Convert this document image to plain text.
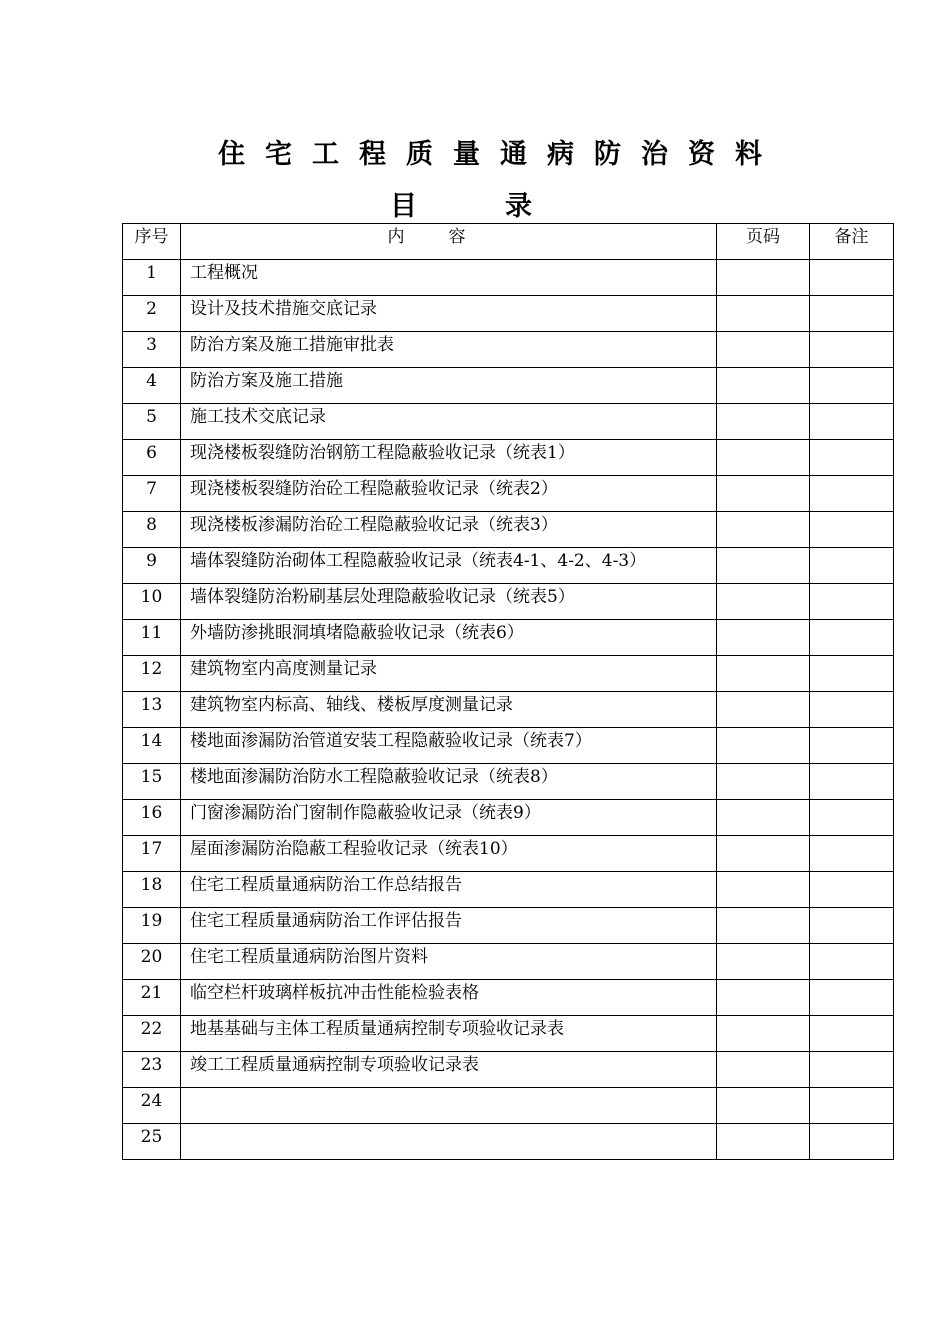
住宅工程质量通病防治资料
目录
序号	内容	页码	备注
1	工程概况		
2	设计及技术措施交底记录		
3	防治方案及施工措施审批表		
4	防治方案及施工措施		
5	施工技术交底记录		
6	现浇楼板裂缝防治钢筋工程隐蔽验收记录（统表1）		
7	现浇楼板裂缝防治砼工程隐蔽验收记录（统表2）		
8	现浇楼板渗漏防治砼工程隐蔽验收记录（统表3）		
9	墙体裂缝防治砌体工程隐蔽验收记录（统表4-1、4-2、4-3）		
10	墙体裂缝防治粉刷基层处理隐蔽验收记录（统表5）		
11	外墙防渗挑眼洞填堵隐蔽验收记录（统表6）		
12	建筑物室内高度测量记录		
13	建筑物室内标高、轴线、楼板厚度测量记录		
14	楼地面渗漏防治管道安装工程隐蔽验收记录（统表7）		
15	楼地面渗漏防治防水工程隐蔽验收记录（统表8）		
16	门窗渗漏防治门窗制作隐蔽验收记录（统表9）		
17	屋面渗漏防治隐蔽工程验收记录（统表10）		
18	住宅工程质量通病防治工作总结报告		
19	住宅工程质量通病防治工作评估报告		
20	住宅工程质量通病防治图片资料		
21	临空栏杆玻璃样板抗冲击性能检验表格		
22	地基基础与主体工程质量通病控制专项验收记录表		
23	竣工工程质量通病控制专项验收记录表		
24			
25			
